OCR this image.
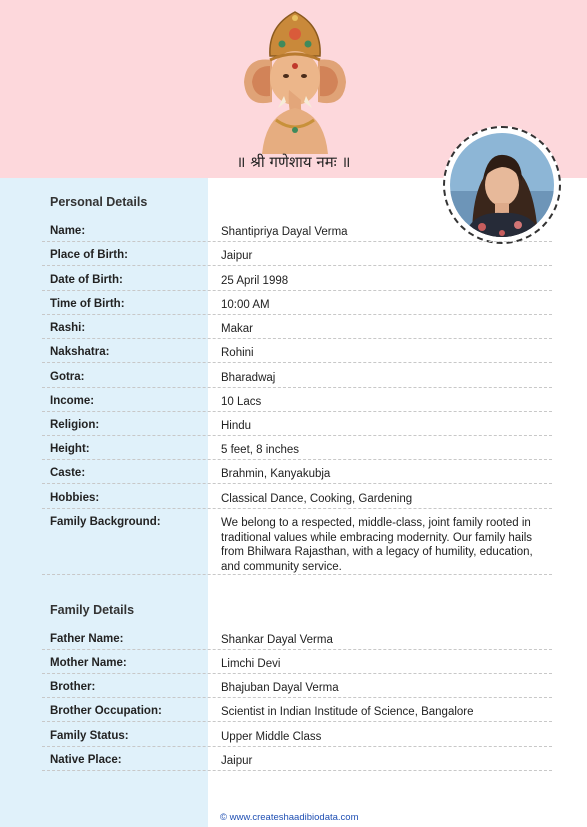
॥ श्री गणेशाय नमः ॥
Personal Details
Name:	Shantipriya Dayal Verma
Place of Birth:	Jaipur
Date of Birth:	25 April 1998
Time of Birth:	10:00 AM
Rashi:	Makar
Nakshatra:	Rohini
Gotra:	Bharadwaj
Income:	10 Lacs
Religion:	Hindu
Height:	5 feet, 8 inches
Caste:	Brahmin, Kanyakubja
Hobbies:	Classical Dance, Cooking, Gardening
Family Background:	We belong to a respected, middle-class, joint family rooted in traditional values while embracing modernity. Our family hails from Bhilwara Rajasthan, with a legacy of humility, education, and community service.
Family Details
Father Name:	Shankar Dayal Verma
Mother Name:	Limchi Devi
Brother:	Bhajuban Dayal Verma
Brother Occupation:	Scientist in Indian Institude of Science, Bangalore
Family Status:	Upper Middle Class
Native Place:	Jaipur
© www.createshaadibiodata.com
